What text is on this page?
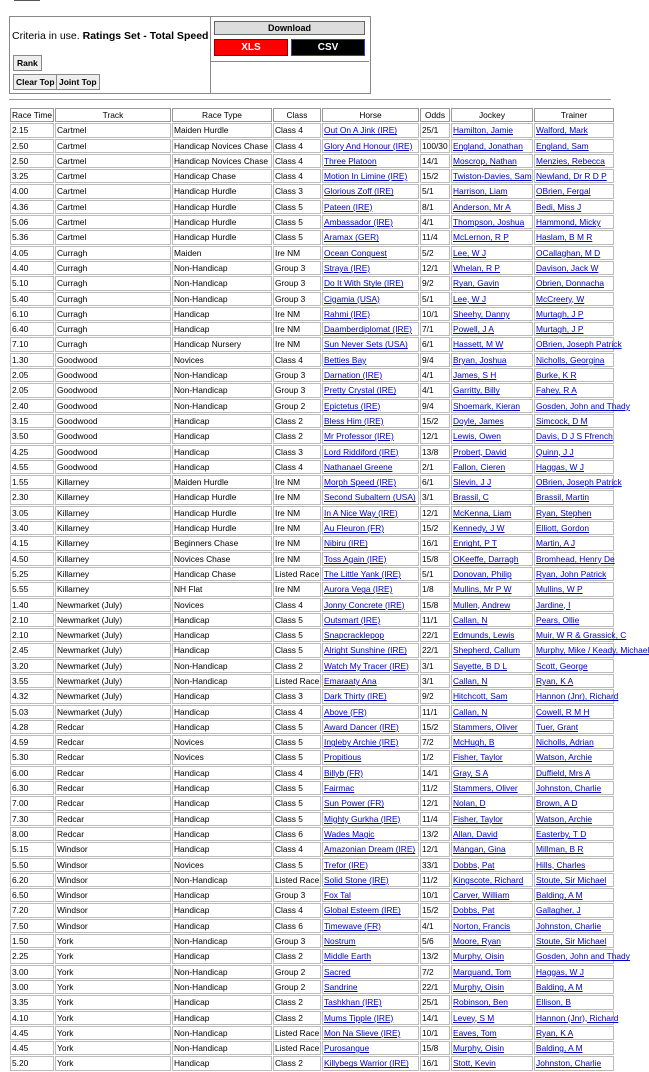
Criteria in use. Ratings Set - Total Speed
Rank
Clear Top Joint Top
Download
XLS	CSV
Race Time	Track	Race Type	Class	Horse	Odds	Jockey	Trainer
2.15	Cartmel	Maiden Hurdle	Class 4	Out On A Jink (IRE)	25/1	Hamilton, Jamie	Walford, Mark
2.50	Cartmel	Handicap Novices Chase	Class 4	Glory And Honour (IRE)	100/30	England, Jonathan	England, Sam
2.50	Cartmel	Handicap Novices Chase	Class 4	Three Platoon	14/1	Moscrop, Nathan	Menzies, Rebecca
3.25	Cartmel	Handicap Chase	Class 4	Motion In Limine (IRE)	15/2	Twiston-Davies, Sam	Newland, Dr R D P
4.00	Cartmel	Handicap Hurdle	Class 3	Glorious Zoff (IRE)	5/1	Harrison, Liam	OBrien, Fergal
4.36	Cartmel	Handicap Hurdle	Class 5	Pateen (IRE)	8/1	Anderson, Mr A	Bedi, Miss J
5.06	Cartmel	Handicap Hurdle	Class 5	Ambassador (IRE)	4/1	Thompson, Joshua	Hammond, Micky
5.36	Cartmel	Handicap Hurdle	Class 5	Aramax (GER)	11/4	McLernon, R P	Haslam, B M R
4.05	Curragh	Maiden	Ire NM	Ocean Conquest	5/2	Lee, W J	OCallaghan, M D
4.40	Curragh	Non-Handicap	Group 3	Straya (IRE)	12/1	Whelan, R P	Davison, Jack W
5.10	Curragh	Non-Handicap	Group 3	Do It With Style (IRE)	9/2	Ryan, Gavin	Obrien, Donnacha
5.40	Curragh	Non-Handicap	Group 3	Cigamia (USA)	5/1	Lee, W J	McCreery, W
6.10	Curragh	Handicap	Ire NM	Rahmi (IRE)	10/1	Sheehy, Danny	Murtagh, J P
6.40	Curragh	Handicap	Ire NM	Daamberdiplomat (IRE)	7/1	Powell, J A	Murtagh, J P
7.10	Curragh	Handicap Nursery	Ire NM	Sun Never Sets (USA)	6/1	Hassett, M W	OBrien, Joseph Patrick
1.30	Goodwood	Novices	Class 4	Betties Bay	9/4	Bryan, Joshua	Nicholls, Georgina
2.05	Goodwood	Non-Handicap	Group 3	Darnation (IRE)	4/1	James, S H	Burke, K R
2.05	Goodwood	Non-Handicap	Group 3	Pretty Crystal (IRE)	4/1	Garritty, Billy	Fahey, R A
2.40	Goodwood	Non-Handicap	Group 2	Epictetus (IRE)	9/4	Shoemark, Kieran	Gosden, John and Thady
3.15	Goodwood	Handicap	Class 2	Bless Him (IRE)	15/2	Doyle, James	Simcock, D M
3.50	Goodwood	Handicap	Class 2	Mr Professor (IRE)	12/1	Lewis, Owen	Davis, D J S Ffrench
4.25	Goodwood	Handicap	Class 3	Lord Riddiford (IRE)	13/8	Probert, David	Quinn, J J
4.55	Goodwood	Handicap	Class 4	Nathanael Greene	2/1	Fallon, Cieren	Haggas, W J
1.55	Killarney	Maiden Hurdle	Ire NM	Morph Speed (IRE)	6/1	Slevin, J J	OBrien, Joseph Patrick
2.30	Killarney	Handicap Hurdle	Ire NM	Second Subaltern (USA)	3/1	Brassil, C	Brassil, Martin
3.05	Killarney	Handicap Hurdle	Ire NM	In A Nice Way (IRE)	12/1	McKenna, Liam	Ryan, Stephen
3.40	Killarney	Handicap Hurdle	Ire NM	Au Fleuron (FR)	15/2	Kennedy, J W	Elliott, Gordon
4.15	Killarney	Beginners Chase	Ire NM	Nibiru (IRE)	16/1	Enright, P T	Martin, A J
4.50	Killarney	Novices Chase	Ire NM	Toss Again (IRE)	15/8	OKeeffe, Darragh	Bromhead, Henry De
5.25	Killarney	Handicap Chase	Listed Race	The Little Yank (IRE)	5/1	Donovan, Philip	Ryan, John Patrick
5.55	Killarney	NH Flat	Ire NM	Aurora Vega (IRE)	1/8	Mullins, Mr P W	Mullins, W P
1.40	Newmarket (July)	Novices	Class 4	Jonny Concrete (IRE)	15/8	Mullen, Andrew	Jardine, I
2.10	Newmarket (July)	Handicap	Class 5	Outsmart (IRE)	11/1	Callan, N	Pears, Ollie
2.10	Newmarket (July)	Handicap	Class 5	Snapcracklepop	22/1	Edmunds, Lewis	Muir, W R & Grassick, C
2.45	Newmarket (July)	Handicap	Class 5	Alright Sunshine (IRE)	22/1	Shepherd, Callum	Murphy, Mike / Keady, Michael
3.20	Newmarket (July)	Non-Handicap	Class 2	Watch My Tracer (IRE)	3/1	Sayette, B D L	Scott, George
3.55	Newmarket (July)	Non-Handicap	Listed Race	Emaraaty Ana	3/1	Callan, N	Ryan, K A
4.32	Newmarket (July)	Handicap	Class 3	Dark Thirty (IRE)	9/2	Hitchcott, Sam	Hannon (Jnr), Richard
5.03	Newmarket (July)	Handicap	Class 4	Above (FR)	11/1	Callan, N	Cowell, R M H
4.28	Redcar	Handicap	Class 5	Award Dancer (IRE)	15/2	Stammers, Oliver	Tuer, Grant
4.59	Redcar	Novices	Class 5	Ingleby Archie (IRE)	7/2	McHugh, B	Nicholls, Adrian
5.30	Redcar	Novices	Class 5	Propitious	1/2	Fisher, Taylor	Watson, Archie
6.00	Redcar	Handicap	Class 4	Billyb (FR)	14/1	Gray, S A	Duffield, Mrs A
6.30	Redcar	Handicap	Class 5	Fairmac	11/2	Stammers, Oliver	Johnston, Charlie
7.00	Redcar	Handicap	Class 5	Sun Power (FR)	12/1	Nolan, D	Brown, A D
7.30	Redcar	Handicap	Class 5	Mighty Gurkha (IRE)	11/4	Fisher, Taylor	Watson, Archie
8.00	Redcar	Handicap	Class 6	Wades Magic	13/2	Allan, David	Easterby, T D
5.15	Windsor	Handicap	Class 4	Amazonian Dream (IRE)	12/1	Mangan, Gina	Millman, B R
5.50	Windsor	Novices	Class 5	Trefor (IRE)	33/1	Dobbs, Pat	Hills, Charles
6.20	Windsor	Non-Handicap	Listed Race	Solid Stone (IRE)	11/2	Kingscote, Richard	Stoute, Sir Michael
6.50	Windsor	Handicap	Group 3	Fox Tal	10/1	Carver, William	Balding, A M
7.20	Windsor	Handicap	Class 4	Global Esteem (IRE)	15/2	Dobbs, Pat	Gallagher, J
7.50	Windsor	Handicap	Class 6	Timewave (FR)	4/1	Norton, Francis	Johnston, Charlie
1.50	York	Non-Handicap	Group 3	Nostrum	5/6	Moore, Ryan	Stoute, Sir Michael
2.25	York	Handicap	Class 2	Middle Earth	13/2	Murphy, Oisin	Gosden, John and Thady
3.00	York	Non-Handicap	Group 2	Sacred	7/2	Marquand, Tom	Haggas, W J
3.00	York	Non-Handicap	Group 2	Sandrine	22/1	Murphy, Oisin	Balding, A M
3.35	York	Handicap	Class 2	Tashkhan (IRE)	25/1	Robinson, Ben	Ellison, B
4.10	York	Handicap	Class 2	Mums Tipple (IRE)	14/1	Levey, S M	Hannon (Jnr), Richard
4.45	York	Non-Handicap	Listed Race	Mon Na Slieve (IRE)	10/1	Eaves, Tom	Ryan, K A
4.45	York	Non-Handicap	Listed Race	Purosangue	15/8	Murphy, Oisin	Balding, A M
5.20	York	Handicap	Class 2	Killybegs Warrior (IRE)	16/1	Stott, Kevin	Johnston, Charlie
